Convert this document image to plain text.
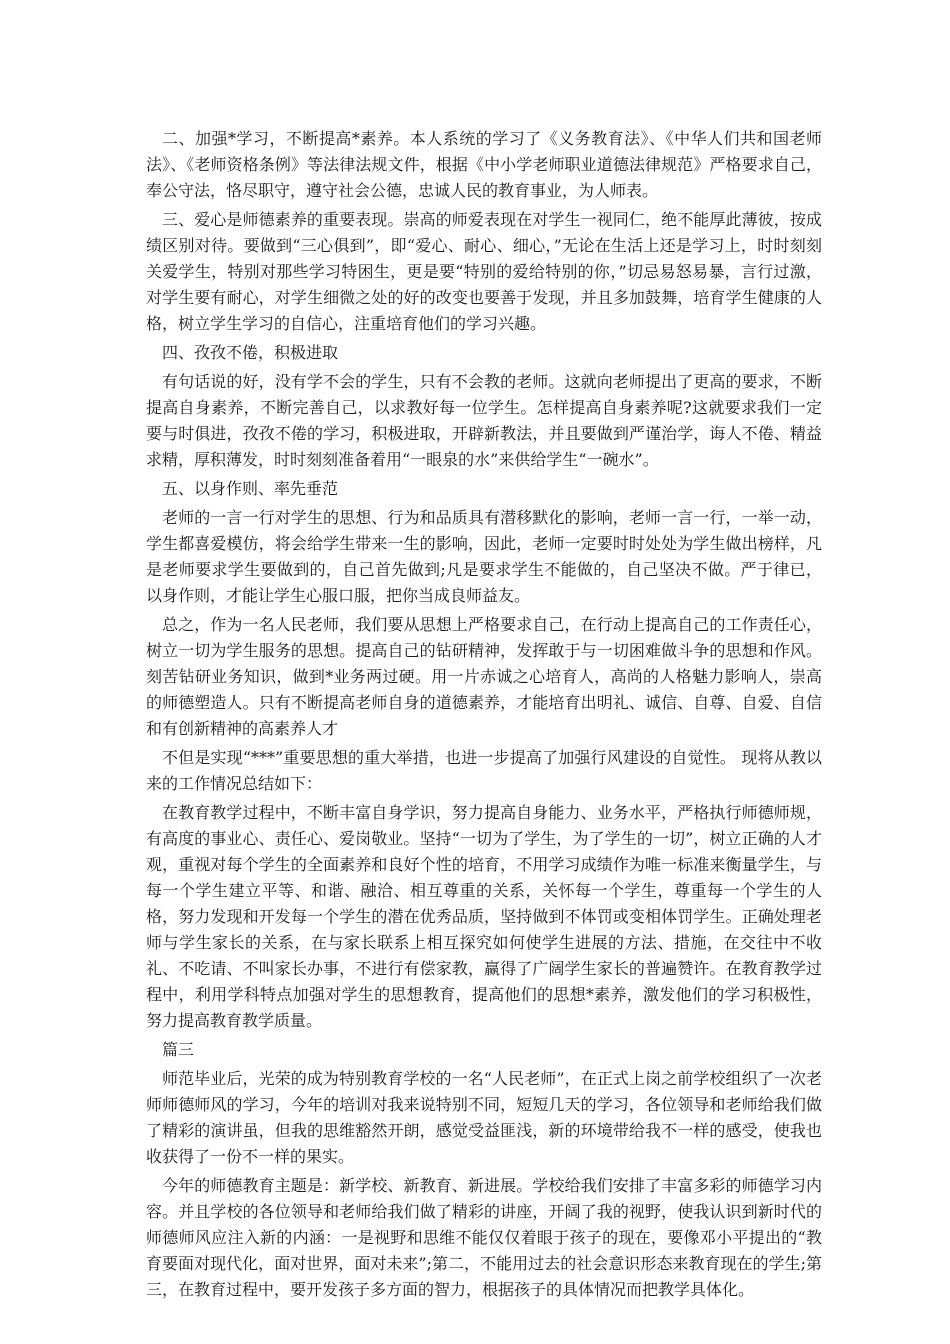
二、加强*学习，不断提高*素养。本人系统的学习了《义务教育法》、《中华人们共和国老师法》、《老师资格条例》等法律法规文件，根据《中小学老师职业道德法律规范》严格要求自己，奉公守法，恪尽职守，遵守社会公德，忠诚人民的教育事业，为人师表。

三、爱心是师德素养的重要表现。崇高的师爱表现在对学生一视同仁，绝不能厚此薄彼，按成绩区别对待。要做到“三心俱到”，即“爱心、耐心、细心，”无论在生活上还是学习上，时时刻刻关爱学生，特别对那些学习特困生，更是要“特别的爱给特别的你，”切忌易怒易暴，言行过激，对学生要有耐心，对学生细微之处的好的改变也要善于发现，并且多加鼓舞，培育学生健康的人格，树立学生学习的自信心，注重培育他们的学习兴趣。

四、孜孜不倦，积极进取

有句话说的好，没有学不会的学生，只有不会教的老师。这就向老师提出了更高的要求，不断提高自身素养，不断完善自己，以求教好每一位学生。怎样提高自身素养呢?这就要求我们一定要与时俱进，孜孜不倦的学习，积极进取，开辟新教法，并且要做到严谨治学，诲人不倦、精益求精，厚积薄发，时时刻刻准备着用“一眼泉的水”来供给学生“一碗水”。

五、以身作则、率先垂范

老师的一言一行对学生的思想、行为和品质具有潜移默化的影响，老师一言一行，一举一动，学生都喜爱模仿，将会给学生带来一生的影响，因此，老师一定要时时处处为学生做出榜样，凡是老师要求学生要做到的，自己首先做到;凡是要求学生不能做的，自己坚决不做。严于律已，以身作则，才能让学生心服口服，把你当成良师益友。

总之，作为一名人民老师，我们要从思想上严格要求自己，在行动上提高自己的工作责任心，树立一切为学生服务的思想。提高自己的钻研精神，发挥敢于与一切困难做斗争的思想和作风。刻苦钻研业务知识，做到*业务两过硬。用一片赤诚之心培育人，高尚的人格魅力影响人，崇高的师德塑造人。只有不断提高老师自身的道德素养，才能培育出明礼、诚信、自尊、自爱、自信和有创新精神的高素养人才

不但是实现“***”重要思想的重大举措，也进一步提高了加强行风建设的自觉性。 现将从教以来的工作情况总结如下：

在教育教学过程中，不断丰富自身学识，努力提高自身能力、业务水平，严格执行师德师规，有高度的事业心、责任心、爱岗敬业。坚持“一切为了学生，为了学生的一切”，树立正确的人才观，重视对每个学生的全面素养和良好个性的培育，不用学习成绩作为唯一标准来衡量学生，与每一个学生建立平等、和谐、融洽、相互尊重的关系，关怀每一个学生，尊重每一个学生的人格，努力发现和开发每一个学生的潜在优秀品质，坚持做到不体罚或变相体罚学生。正确处理老师与学生家长的关系，在与家长联系上相互探究如何使学生进展的方法、措施，在交往中不收礼、不吃请、不叫家长办事，不进行有偿家教，赢得了广阔学生家长的普遍赞许。在教育教学过程中，利用学科特点加强对学生的思想教育，提高他们的思想*素养，激发他们的学习积极性，努力提高教育教学质量。

篇三

师范毕业后，光荣的成为特别教育学校的一名“人民老师”，在正式上岗之前学校组织了一次老师师德师风的学习，今年的培训对我来说特别不同，短短几天的学习，各位领导和老师给我们做了精彩的演讲虽，但我的思维豁然开朗，感觉受益匪浅，新的环境带给我不一样的感受，使我也收获得了一份不一样的果实。

今年的师德教育主题是：新学校、新教育、新进展。学校给我们安排了丰富多彩的师德学习内容。并且学校的各位领导和老师给我们做了精彩的讲座，开阔了我的视野，使我认识到新时代的师德师风应注入新的内涵：一是视野和思维不能仅仅着眼于孩子的现在，要像邓小平提出的“教育要面对现代化，面对世界，面对未来”;第二，不能用过去的社会意识形态来教育现在的学生;第三，在教育过程中，要开发孩子多方面的智力，根据孩子的具体情况而把教学具体化。
